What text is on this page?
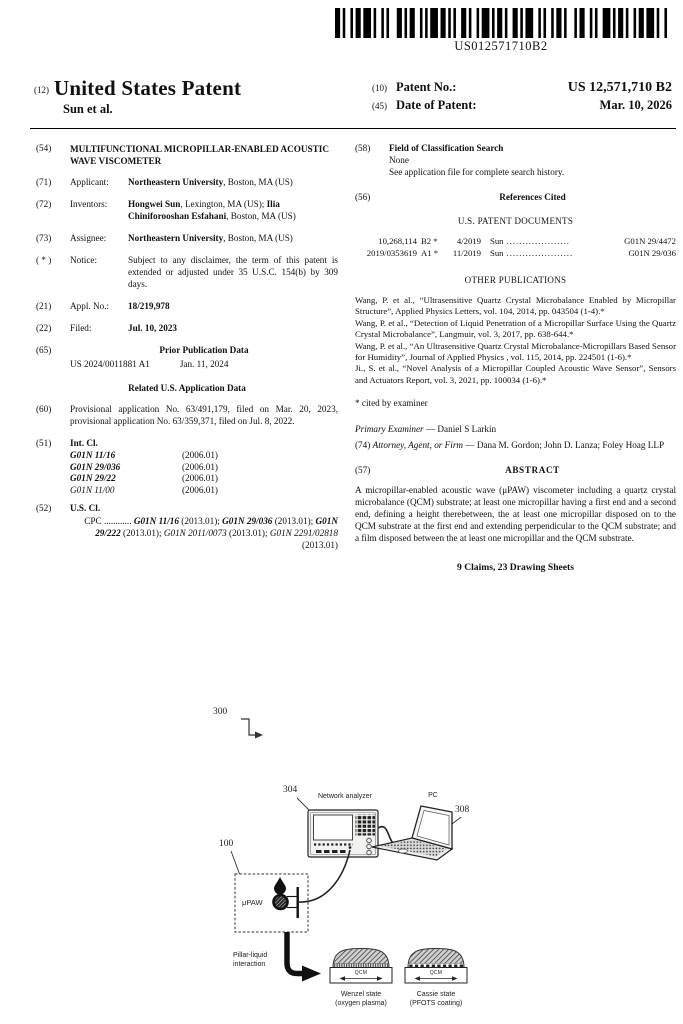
US012571710B2
(12) United States Patent
Sun et al.
(10) Patent No.:	US 12,571,710 B2
(45) Date of Patent:	Mar. 10, 2026
(54)	MULTIFUNCTIONAL MICROPILLAR-ENABLED ACOUSTIC WAVE VISCOMETER
(71)	Applicant:	Northeastern University, Boston, MA (US)
(72)	Inventors:	Hongwei Sun, Lexington, MA (US); Ilia Chiniforooshan Esfahani, Boston, MA (US)
(73)	Assignee:	Northeastern University, Boston, MA (US)
( * )	Notice:	Subject to any disclaimer, the term of this patent is extended or adjusted under 35 U.S.C. 154(b) by 309 days.
(21)	Appl. No.:	18/219,978
(22)	Filed:	Jul. 10, 2023
(65)	Prior Publication Data
US 2024/0011881 A1	Jan. 11, 2024
Related U.S. Application Data
(60)	Provisional application No. 63/491,179, filed on Mar. 20, 2023, provisional application No. 63/359,371, filed on Jul. 8, 2022.
(51)	Int. Cl.
G01N 11/16	(2006.01)
G01N 29/036	(2006.01)
G01N 29/22	(2006.01)
G01N 11/00	(2006.01)
(52)	U.S. Cl.
CPC ............ G01N 11/16 (2013.01); G01N 29/036 (2013.01); G01N 29/222 (2013.01); G01N 2011/0073 (2013.01); G01N 2291/02818 (2013.01)
(58)	Field of Classification Search
None
See application file for complete search history.
(56)	References Cited
U.S. PATENT DOCUMENTS
10,268,114 B2 *	4/2019	Sun ....................	G01N 29/4472
2019/0353619 A1 *	11/2019	Sun .....................	G01N 29/036
OTHER PUBLICATIONS

Wang, P. et al., “Ultrasensitive Quartz Crystal Microbalance Enabled by Micropillar Structure”, Applied Physics Letters, vol. 104, 2014, pp. 043504 (1-4).*

Wang, P. et al., “Detection of Liquid Penetration of a Micropillar Surface Using the Quartz Crystal Microbalance”, Langmuir, vol. 3, 2017, pp. 638-644.*

Wang, P. et al., “An Ultrasensitive Quartz Crystal Microbalance-Micropillars Based Sensor for Humidity”, Journal of Applied Physics , vol. 115, 2014, pp. 224501 (1-6).*

Ji., S. et al., “Novel Analysis of a Micropillar Coupled Acoustic Wave Sensor”, Sensors and Actuators Report, vol. 3, 2021, pp. 100034 (1-6).*

* cited by examiner
Primary Examiner — Daniel S Larkin
(74) Attorney, Agent, or Firm — Dana M. Gordon; John D. Lanza; Foley Hoag LLP
(57)	ABSTRACT
A micropillar-enabled acoustic wave (μPAW) viscometer including a quartz crystal microbalance (QCM) substrate; at least one micropillar having a first end and a second end, defining a height therebetween, the at least one micropillar disposed on to the QCM substrate at the first end and extending perpendicular to the QCM substrate; and a film disposed between the at least one micropillar and the QCM substrate.
9 Claims, 23 Drawing Sheets
300
304
Network analyzer	PC
308
100
μPAW
Pillar-liquid
interaction
QCM	QCM
Wenzel state
(oxygen plasma)
Cassie state
(PFOTS coating)
